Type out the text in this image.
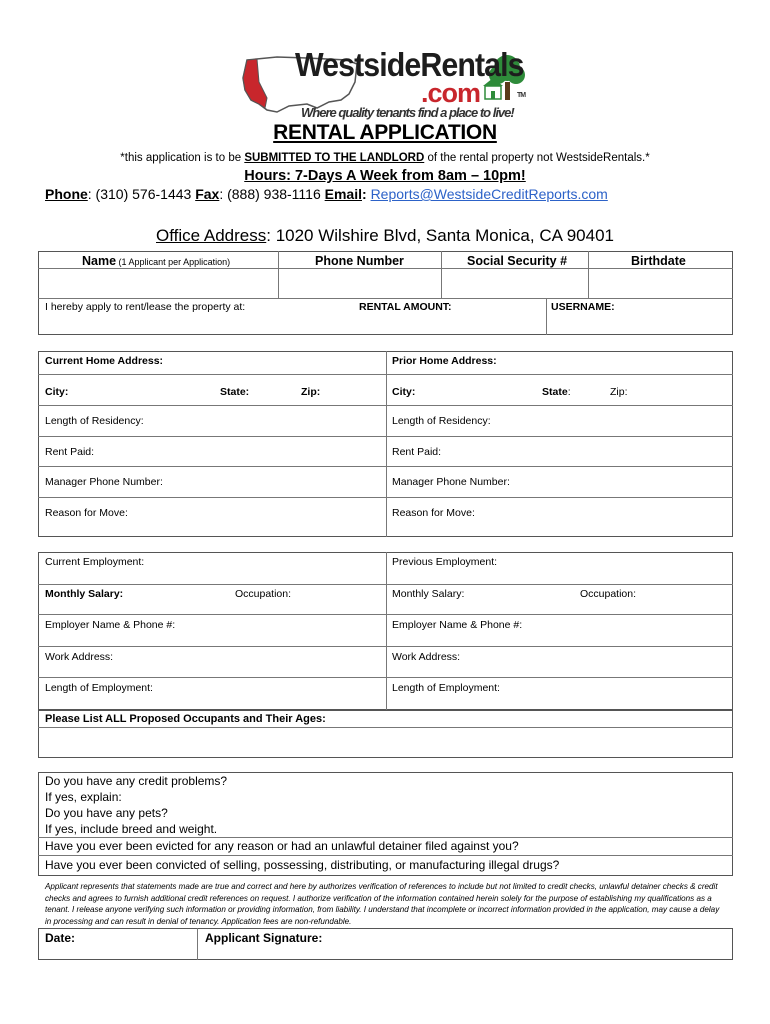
WestsideRentals
.com
Where quality tenants find a place to live!
TM
RENTAL APPLICATION
*this application is to be SUBMITTED TO THE LANDLORD of the rental property not WestsideRentals.*
Hours: 7-Days A Week from 8am – 10pm!
Phone: (310) 576-1443 Fax: (888) 938-1116 Email: Reports@WestsideCreditReports.com
Office Address: 1020 Wilshire Blvd, Santa Monica, CA 90401
Name (1 Applicant per Application)	Phone Number	Social Security #	Birthdate
I hereby apply to rent/lease the property at:	RENTAL AMOUNT:	USERNAME:
Current Home Address:	Prior Home Address:
City:	State:	Zip:	City:	State:	Zip:
Length of Residency:	Length of Residency:
Rent Paid:	Rent Paid:
Manager Phone Number:	Manager Phone Number:
Reason for Move:	Reason for Move:
Current Employment:	Previous Employment:
Monthly Salary:	Occupation:	Monthly Salary:	Occupation:
Employer Name & Phone #:	Employer Name & Phone #:
Work Address:	Work Address:
Length of Employment:	Length of Employment:
Please List ALL Proposed Occupants and Their Ages:
Do you have any credit problems?
If yes, explain:
Do you have any pets?
If yes, include breed and weight.
Have you ever been evicted for any reason or had an unlawful detainer filed against you?
Have you ever been convicted of selling, possessing, distributing, or manufacturing illegal drugs?
Applicant represents that statements made are true and correct and here by authorizes verification of references to include but not limited to credit checks, unlawful detainer checks & credit checks and agrees to furnish additional credit references on request. I authorize verification of the information contained herein solely for the purpose of establishing my qualifications as a tenant. I release anyone verifying such information or providing information, from liability. I understand that incomplete or incorrect information provided in the application, may cause a delay in processing and can result in denial of tenancy. Application fees are non-refundable.
Date:	Applicant Signature:
